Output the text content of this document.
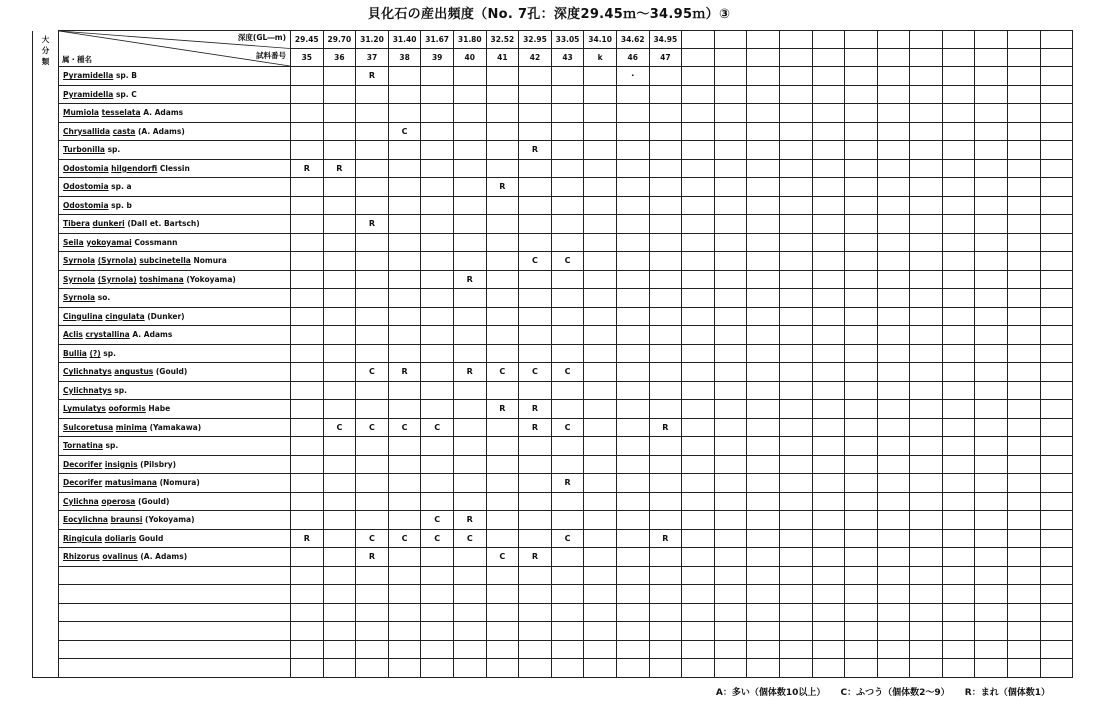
貝化石の産出頻度（No. 7孔：深度29.45ｍ～34.95ｍ）③
大
分
類	深度(GL―m)
試料番号
属・種名	29.45	29.70	31.20	31.40	31.67	31.80	32.52	32.95	33.05	34.10	34.62	34.95												
		35	36	37	38	39	40	41	42	43	k	46	47												
	Pyramidella sp. B			R								・													
	Pyramidella sp. C																								
	Mumiola tesselata A. Adams																								
	Chrysallida casta (A. Adams)				C																				
	Turbonilla sp.								R																
	Odostomia hilgendorfi Clessin	R	R																						
	Odostomia sp. a							R																	
	Odostomia sp. b																								
	Tibera dunkeri (Dall et. Bartsch)			R																					
	Seila yokoyamai Cossmann																								
	Syrnola (Syrnola) subcinetella Nomura								C	C															
	Syrnola (Syrnola) toshimana (Yokoyama)						R																		
	Syrnola so.																								
	Cingulina cingulata (Dunker)																								
	Aclis crystallina A. Adams																								
	Bullia (?) sp.																								
	Cylichnatys angustus (Gould)			C	R		R	C	C	C															
	Cylichnatys sp.																								
	Lymulatys ooformis Habe							R	R																
	Sulcoretusa minima (Yamakawa)		C	C	C	C			R	C			R												
	Tornatina sp.																								
	Decorifer insignis (Pilsbry)																								
	Decorifer matusimana (Nomura)									R															
	Cylichna operosa (Gould)																								
	Eocylichna braunsi (Yokoyama)					C	R																		
	Ringicula doliaris Gould	R		C	C	C	C			C			R												
	Rhizorus ovalinus (A. Adams)			R				C	R																

A：多い（個体数10以上） C：ふつう（個体数2～9） R：まれ（個体数1）
